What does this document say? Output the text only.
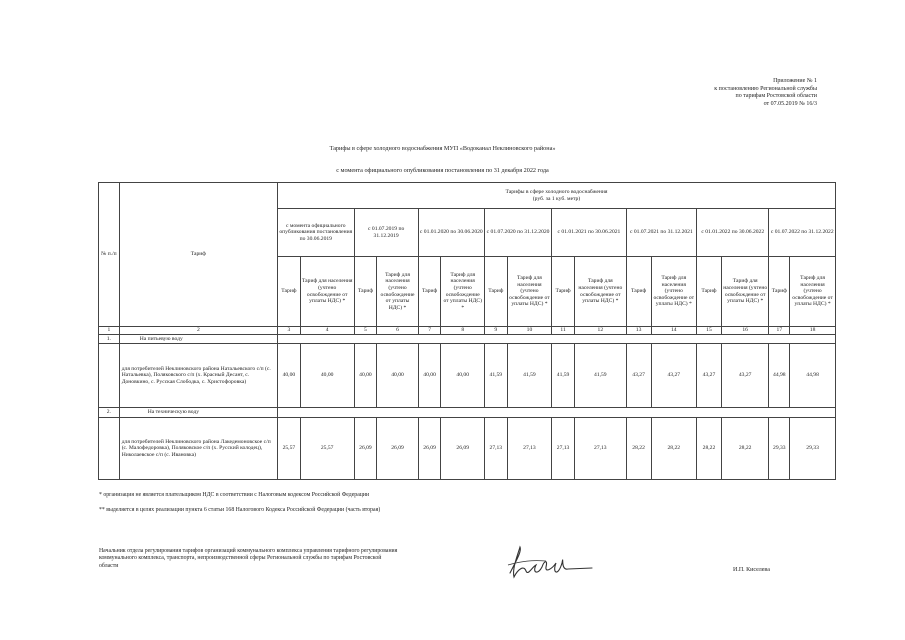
Приложение № 1
к постановлению Региональной службы
по тарифам Ростовской области
от 07.05.2019 № 16/3
Тарифы в сфере холодного водоснабжения МУП «Водоканал Неклиновского района»
с момента официального опубликования постановления по 31 декабря 2022 года
№ п./п	Тариф	Тарифы в сфере холодного водоснабжения
(руб. за 1 куб. метр)															

		с момента официального опубликования постановления по 30.06.2019		с 01.07.2019 по 31.12.2019		с 01.01.2020 по 30.06.2020		с 01.07.2020 по 31.12.2020		с 01.01.2021 по 30.06.2021		с 01.07.2021 по 31.12.2021		с 01.01.2022 по 30.06.2022		с 01.07.2022 по 31.12.2022	
		Тариф	Тариф для населения (учтено освобождение от уплаты НДС) *	Тариф	Тариф для населения (учтено освобождение от уплаты НДС) *	Тариф	Тариф для населения (учтено освобождение от уплаты НДС) *	Тариф	Тариф для населения (учтено освобождение от уплаты НДС) *	Тариф	Тариф для населения (учтено освобождение от уплаты НДС) *	Тариф	Тариф для населения (учтено освобождение от уплаты НДС) *	Тариф	Тариф для населения (учтено освобождение от уплаты НДС) *	Тариф	Тариф для населения (учтено освобождение от уплаты НДС) *
1	2	3	4	5	6	7	8	9	10	11	12	13	14	15	16	17	18
1.	На питьевую воду																
	для потребителей Неклиновского района Натальевского с/п (с. Натальевка), Поляковского с/п (х. Красный Десант, с. Доновкино, с. Русская Слободка, с. Христофоровка)	40,00	40,00	40,00	40,00	40,00	40,00	41,59	41,59	41,59	41,59	43,27	43,27	43,27	43,27	44,98	44,98
2.	На техническую воду																
	для потребителей Неклиновского района Лакедемоновское с/п (с. Малофедоровка), Поляковское с/п (х. Русский колодец), Николаевское с/п (с. Ивановка)	25,57	25,57	26,09	26,09	26,09	26,09	27,13	27,13	27,13	27,13	28,22	28,22	28,22	28,22	29,33	29,33
* организация не является плательщиком НДС в соответствии с Налоговым кодексом Российской Федерации
** выделяется в целях реализации пункта 6 статьи 168 Налогового Кодекса Российской Федерации (часть вторая)
Начальник отдела регулирования тарифов организаций коммунального комплекса управления тарифного регулирования коммунального комплекса, транспорта, непроизводственной сферы Региональной службы по тарифам Ростовской области
И.П. Киселева
